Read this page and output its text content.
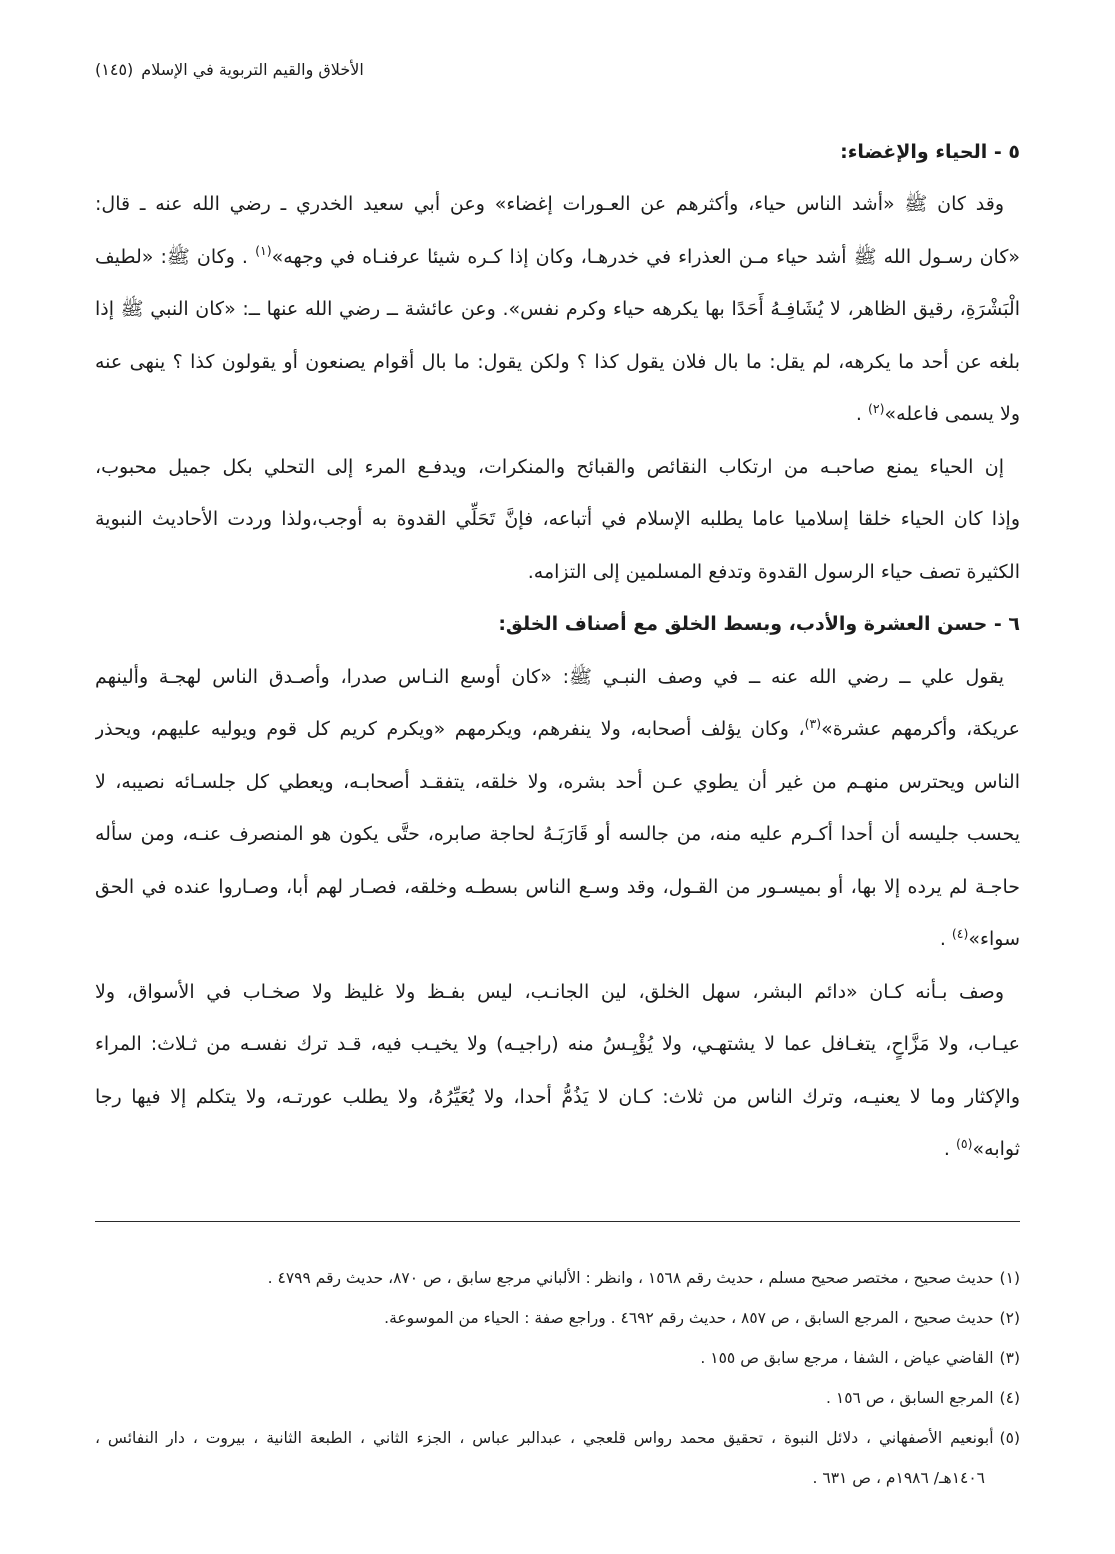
الأخلاق والقيم التربوية في الإسلام(١٤٥)
٥ - الحياء والإغضاء:
وقد كان ﷺ «أشد الناس حياء، وأكثرهم عن العـورات إغضاء» وعن أبي سعيد الخدري ـ رضي الله عنه ـ قال:
«كان رسـول الله ﷺ أشد حياء مـن العذراء في خدرهـا، وكان إذا كـره شيئا عرفنـاه في وجهه»$^{(١)}$ . وكان ﷺ: «لطيف
الْبَشْرَةِ، رقيق الظاهر، لا يُشَافِـهُ أَحَدًا بها يكرهه حياء وكرم نفس». وعن عائشة ــ رضي الله عنها ــ: «كان النبي ﷺ إذا
بلغه عن أحد ما يكرهه، لم يقل: ما بال فلان يقول كذا ؟ ولكن يقول: ما بال أقوام يصنعون أو يقولون كذا ؟ ينهى عنه
ولا يسمى فاعله»$^{(٢)}$ .
إن الحياء يمنع صاحبـه من ارتكاب النقائص والقبائح والمنكرات، ويدفـع المرء إلى التحلي بكل جميل محبوب،
وإذا كان الحياء خلقا إسلاميا عاما يطلبه الإسلام في أتباعه، فإنَّ تَحَلِّي القدوة به أوجب،ولذا وردت الأحاديث النبوية
الكثيرة تصف حياء الرسول القدوة وتدفع المسلمين إلى التزامه.
٦ - حسن العشرة والأدب، وبسط الخلق مع أصناف الخلق:
يقول علي ــ رضي الله عنه ــ في وصف النبـي ﷺ: «كان أوسع النـاس صدرا، وأصـدق الناس لهجـة وألينهم
عريكة، وأكرمهم عشرة»$^{(٣)}$، وكان يؤلف أصحابه، ولا ينفرهم، ويكرمهم «ويكرم كريم كل قوم ويوليه عليهم، ويحذر
الناس ويحترس منهـم من غير أن يطوي عـن أحد بشره، ولا خلقه، يتفقـد أصحابـه، ويعطي كل جلسـائه نصيبه، لا
يحسب جليسه أن أحدا أكـرم عليه منه، من جالسه أو قَارَبَـهُ لحاجة صابره، حتَّى يكون هو المنصرف عنـه، ومن سأله
حاجـة لم يرده إلا بها، أو بميسـور من القـول، وقد وسـع الناس بسطـه وخلقه، فصـار لهم أبا، وصـاروا عنده في الحق
سواء»$^{(٤)}$ .
وصف بـأنه كـان «دائم البشر، سهل الخلق، لين الجانـب، ليس بفـظ ولا غليظ ولا صخـاب في الأسواق، ولا
عيـاب، ولا مَزَّاحٍ، يتغـافل عما لا يشتهـي، ولا يُؤْيِـسُ منه (راجيـه) ولا يخيـب فيه، قـد ترك نفسـه من ثـلاث: المراء
والإكثار وما لا يعنيـه، وترك الناس من ثلاث: كـان لا يَذُمُّ أحدا، ولا يُعَيِّرُهُ، ولا يطلب عورتـه، ولا يتكلم إلا فيها رجا
ثوابه»$^{(٥)}$ .
(١)حديث صحيح ، مختصر صحيح مسلم ، حديث رقم ١٥٦٨ ، وانظر : الألباني مرجع سابق ، ص ٨٧٠، حديث رقم ٤٧٩٩ .
(٢)حديث صحيح ، المرجع السابق ، ص ٨٥٧ ، حديث رقم ٤٦٩٢ . وراجع صفة : الحياء من الموسوعة.
(٣)القاضي عياض ، الشفا ، مرجع سابق ص ١٥٥ .
(٤)المرجع السابق ، ص ١٥٦ .
(٥)أبونعيم الأصفهاني ، دلائل النبوة ، تحقيق محمد رواس قلعجي ، عبدالبر عباس ، الجزء الثاني ، الطبعة الثانية ، بيروت ، دار النفائس ،
١٤٠٦هـ/ ١٩٨٦م ، ص ٦٣١ .
